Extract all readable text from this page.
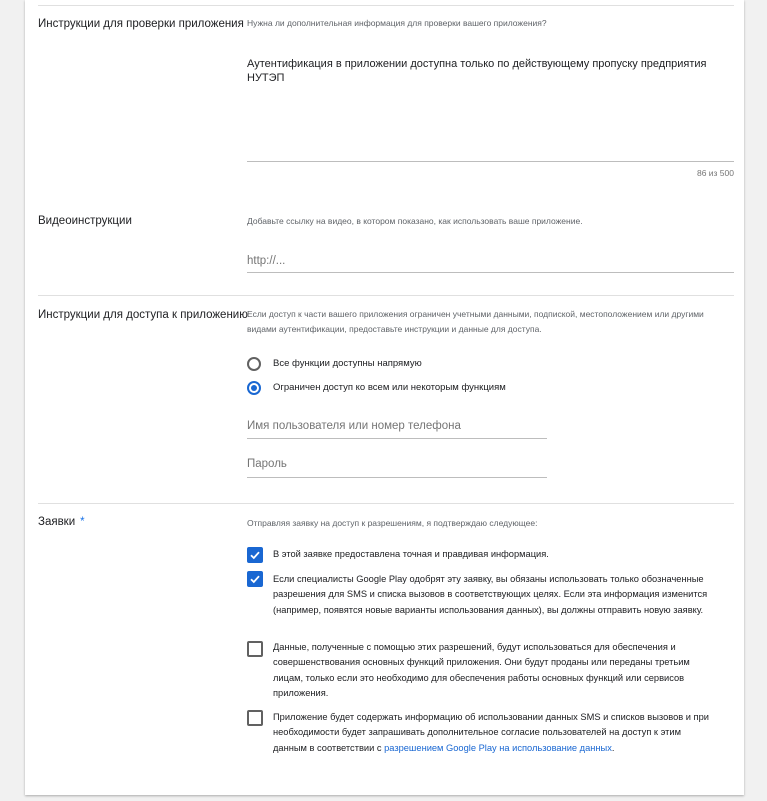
Инструкции для проверки приложения Нужна ли дополнительная информация для проверки вашего приложения?
Аутентификация в приложении доступна только по действующему пропуску предприятия НУТЭП
86 из 500
Видеоинструкции	Добавьте ссылку на видео, в котором показано, как использовать ваше приложение.
http://...
Инструкции для доступа к приложению Если доступ к части вашего приложения ограничен учетными данными, подпиской, местоположением или другими видами аутентификации, предоставьте инструкции и данные для доступа.
Все функции доступны напрямую
Ограничен доступ ко всем или некоторым функциям
Имя пользователя или номер телефона
Пароль
Заявки *	Отправляя заявку на доступ к разрешениям, я подтверждаю следующее:
В этой заявке предоставлена точная и правдивая информация.
Если специалисты Google Play одобрят эту заявку, вы обязаны использовать только обозначенные разрешения для SMS и списка вызовов в соответствующих целях. Если эта информация изменится (например, появятся новые варианты использования данных), вы должны отправить новую заявку.
Данные, полученные с помощью этих разрешений, будут использоваться для обеспечения и совершенствования основных функций приложения. Они будут проданы или переданы третьим лицам, только если это необходимо для обеспечения работы основных функций или сервисов приложения.
Приложение будет содержать информацию об использовании данных SMS и списков вызовов и при необходимости будет запрашивать дополнительное согласие пользователей на доступ к этим данным в соответствии с разрешением Google Play на использование данных.
